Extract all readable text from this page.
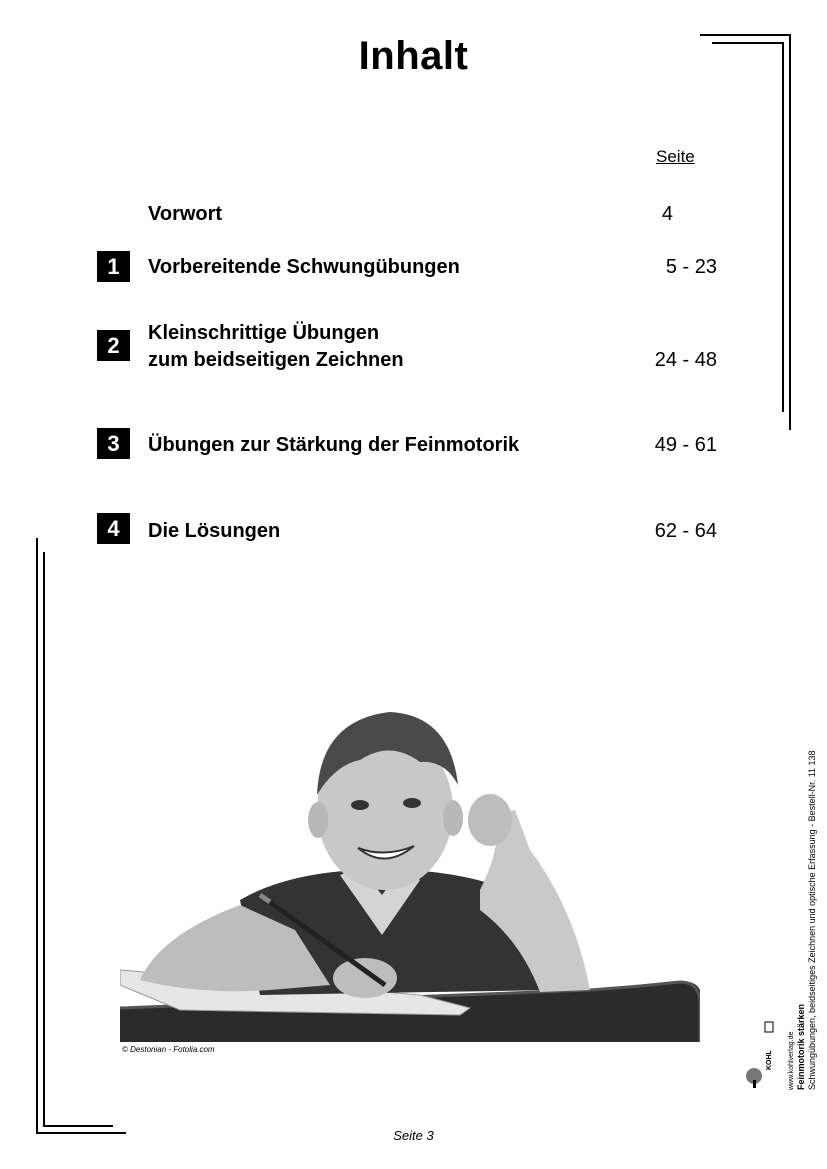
Inhalt
Seite
Vorwort	4
1	Vorbereitende Schwungübungen	5 - 23
2	Kleinschrittige Übungen
zum beidseitigen Zeichnen	24 - 48
3	Übungen zur Stärkung der Feinmotorik	49 - 61
4	Die Lösungen	62 - 64
© Destonian - Fotolia.com	Feinmotorik stärken Schwungübungen, beidseitiges Zeichnen und optische Erfassung - Bestell-Nr. 11 138
www.kohlverlag.de
KOHL
Seite 3
